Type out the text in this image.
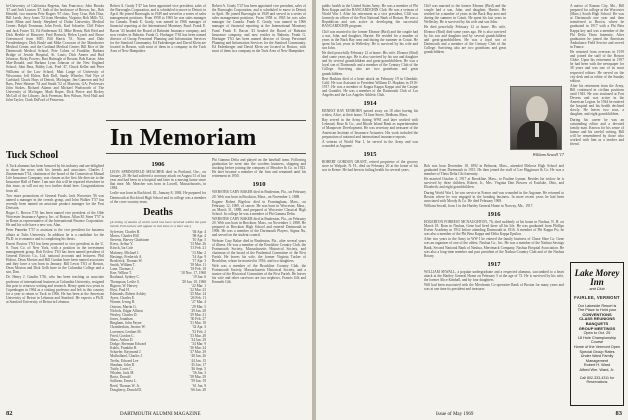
hi-University of California Regents, San Francisco; John Brooks '47 and Josh Lawton '47, both of the bookstore of Brown, Inc., Bob Heindel, two mavens Pete Rogers '67 class, Tony Cruz, Bob Diaz, Bill Leeds, Jerry Jones '52 from Herndon, Virginia; Bob Mills '52, Janet Blinn and Sandy Shepherd of Dolan University Medical Center; Ralph Troutman, John Frech, Karl Schaefer, Cliff Fisher and Jack Foster '43, Ed Faiderman '43, Mike Bemis, Bob Bird and Dick Heeble of Hanover; Fred Bertuch, Helen Lynch and Bruce Greenwood from MIT; Bill Harris '51, Norm and Dale Freudenberger, Dick Boulé and Mike Corcoran of the Manchester Medical Center, and the Cortland Medical Center; Bill Rice of the Dartmouth Medical School, Pete Cohen of Franklin; Barbara Bridge of Jewish Hospital, St. Louis; Dick Ameer and Bud Johnson, Ricky Powers, Bart Hufnagle of Boston; Bob Kaiser, John Mae-Donald, and Barbara Lynn Johnson of the New England School; John Bass, Bobby Lott, Fred '47, Chuck Keller and Peter Williams of the Law School; Matt Lange of University of Wisconsin; Jeff Ehlers, Bob Doll, Sandy Wheeler, Ned Nye of Carlsbad; Chuck Hays of Detroit, Michigan; Jim Cameron and Syl Bass, Peter Skinner '54 and Smith '52 of Marietta, GA; Professors John Stokes, Richard Adams and Michael Wadsworth of The University of Michigan; Mark Roper, Dick Pierce and Rickey McCall of the Library; Jack Freeman, Ben Wilson, Fred Hall and John Taylor; Clark DuFord of Princeton.

Tuck School

A Tuck alumnus has been honored by his industry and are delighted to share the news with his friends and associates. Charles J. Zimmerman T'34, chairman of the board of the Connecticut Mutual Life Insurance Company, was chosen as the first life director to the Insurance Hall of Fame. I am sure this will be reported elsewhere in this issue, as will not my two further detail here. Congratulations from all.

Two more promotions of General Foods. Jack Worcester '56 was named a manager in the cereals group, and John Walker T'57 has recently been named an associate product manager for the Post Division.

Roger C. Brown T'55 has been named vice president of the Olde Worcester Insurance Agency, Inc. of Boston. Allan M. Stern T'57 is in Rome as representative of the International Finance Corporation. He and his wife have a new son, Alan.

Peter Panneku T'57 is assistant to the vice president for business affairs at Tufts University. In addition he is a candidate for the Ph.D. in economics and is completing his thesis.

Ernest Rostow T'63 has been promoted to vice president in the U. S. Trust Co. of New York, with a position in the investment management group. Bob Ertlow T'63 has been named president of General Electric Co., Ltd. national accounts and lecturers. Phil Holton, Dean Morton and Bill Gordon have been named associates and they have a son born in January. Bill Lewis T'63 of Boston, Dean Morton and Dick Gelb have in the Columbia College and a son, Dan.

Dr. Henry J. Gaudin T'56, who has been teaching as associate professor of international business at Columbia University, resigned this post to return to writing and research. Henry spent two years in Copenhagen in 1964 as a visiting professor and left in this country for a year to return to Tuck in 1966. He has been at the American University of Beirut in Lebanon and Stanford. He expects a Ph.D. at Stanford University of Beirut in Lebanon.

Robert A. Grady T'47 has been appointed vice president, sales of the Burroughs Corporation, and is scheduled to move to Detroit in April. He joined Burroughs in 1949 and served in a series of sales management positions. From 1958 to 1965 he was sales manager for Canada. Frank E. Grady, was named in 1966 manager of financial reporting at the International Monetary Fund. Frank E. Bacon '43 headed the Board of Bahraini Insurance company, and now resides in Bahrain. Frank G. Horhager T'63 has been named director of Group Personnel Planning and Information Services for the Stanford Community. Ed Fadenberger and David Klein are located in Boston, with most of them in a company in the Tuck Area of New Hampshire.

Robert A. Grady T'47 has been appointed vice president, sales of the Burroughs Corporation, and is scheduled to move to Detroit in April. He joined Burroughs in 1949 and served in a series of sales management positions. From 1958 to 1965 he was sales manager for Canada. Frank E. Grady, was named in 1966 manager of financial reporting at the International Monetary Fund. Frank E. Bacon '43 headed the Board of Bahraini Insurance company, and now resides in Bahrain. Frank G. Horhager T'63 has been named director of Group Personnel Planning and Information Services for the Stanford Community. Ed Fadenberger and David Klein are located in Boston, with most of them in a company in the Tuck Area of New Hampshire.

In Memoriam
1906

LEON SPRINGFIELD MEACHER died in Portland, Ore., on January 20. He had suffered a coronary attack on August 31 of last year and had been in a hospital and later in a nursing home since that time. Mr. Meacher was born in Lowell, Massachusetts, in 1884.

Leslie was born in Rockford, Ill., January 8, 1884. He prepared for Dartmouth at Rockford High School and in college was a member of the cross-country team.

Deaths
[A listing of deaths of which word has been received within the past month. Full notices will appear in this issue or a later one.]
Sylvester, Charles B.	'04 Apr. 4
Moses, Charles Hill	'08 Apr. 4
Stevens, Harvey Gladstone	'10 Apr. 5
Kress, Arthur Y.	'13 Mar. 26
Kirsch, Ira Cole	'13 Feb. 21
Maloney, Michael J.	'13 Mar. 2
Hastings, Frederick A.	'14 Apr. 9
Broderick, Thomas W.	'17 Apr. 3
Smith, William T.	'18 Mar. 11
Lane, Thomas J.	'18 Feb. 19
Kerr, Wilbur T.	'18 Nov. 17, 1968
Roubaud, Sydney C.	'19 Jan. 6
Thompson, Leslie S.	'20 Jan. 10, 1968
Bignou, W. Harvey	'22 Mar. 1
Hoyt, Paul H.	'22 Mar. 23
Edmonds, Robert Ashley	'25 Mar. 14
Ayers, Charles E.	'26 Feb. 11
Warner, Irving R.	'27 Mar. 4
Ostrom, Martin G.	'29 Mar. 5
Nichols, Edgar Allison	'29 Jan. 28
Wesley, Charles D.	'29 Mar. 21
Jones, Jonathan	'30 Feb. 27
Bingham, John Payne	'31 Mar. 18
Chamberlain, Jerome W.	'32 Apr. 3
Lorenzen, Lenhart M.	'33 Feb. 2
Fried, Gordon C.	'33 Mar. 28
Shaw, Arthur D.	'34 Jan. 29
Dodge, Sherman Edward	'34 Mar. 9
Kuhlo, Franklin R.	'36 Mar. 24
Schaefer, Raymond J.	'37 Mar. 29
Mulholland, Charles J.	'40 Jan. 26
Treihs, Edward Lee	'44 Jan. 15
Sheahan, John D.	'45 Jan. 17
Tuttle, Louis C.	'46 Sept. 5
Whalen, Jack M.	'56 Jan. 3
Bortz, Donald	'58 Mar. 29
Sullivan, Ernest L.	'59 Jan. 19
Reed, Thomas W. Jr.	'61 Jan. 9
Dougherty, Donald D.	'66 Jan. 28

Phi Gamma Delta and played on the baseball team. Following graduation he went into the woolens business, shipping and trucking before joining the company of Meacher & Co. in 1923. He later became a member of the firm and remained until his retirement in 1950.

1910

WEBSTER CARY BAKER died in Bradenton, Fla., on February 20. Web was born in Brockton, Mass., on November 1, 1888.

Eugene Robert Bigelow died in Framingham, Mass., on February 12, 1969, of cancer. He was born in Worcester, Mass., on March 31, 1888, and prepared at Worcester Classical High School. In college he was a member of Phi Gamma Delta.

WEBSTER CARY BAKER died in Bradenton, Fla., on February 20. Web was born in Brockton, Mass., on November 1, 1888. He prepared at Brockton High School and entered Dartmouth in 1906. He was a member of the Dartmouth Players, Sigma Nu, and served on the student council.

Webster Cary Baker died in Bradenton, Fla., after several years of illness. He was a member of the Brookline Country Club, the Portsmouth Society, Massachusetts Historical Society, and chairman of the board of the Prudential Committee of the First Parish. He leaves his wife, the former Virginia Tucker of Brookline, whom he married in 1916; and two daughters.

Web was a member of the Brookline Country Club, the Portsmouth Society, Massachusetts Historical Society, and a trustee of the Historical Committee of the First Parish. He leaves his wife and other survivors are two nephews, Francis Gilt and Kenneth Gilt.

82	DARTMOUTH ALUMNI MAGAZINE

public health in the United States Army. He was a member of Phi Beta Kappa and the BANCARDCHIN Club. He was a veteran of World War I. After his retirement as a vice president, Cliff was formerly an officer of the First National Bank of Boston. He was a Republican and was active in developing the successful BANCARDCHIN program.

Cliff was married to the former Eleanor (Bird) and the couple had a son, John, and daughter, Harriet. He resided for a number of years in the Back Bay area and during the summer in Cotuit. He spent his last years in Wellesley. He is survived by his wife and son John.

He died peacefully February 12 at home. His wife, Eleanor (Bird) died some years ago. He is also survived by his son and daughter and by several grandchildren and great-grandchildren. He was a loyal son of Dartmouth and a member of the Century Club of the College. Surviving also are two grandsons and great grandchildren.

Bert Haskins died of a heart attack on February 19 in Glendale, Calif. He was Assistant to President William D. Hopkins in 1916-1917. He was a member of Kappa Kappa Kappa and the Casque and Gauntlet. He was a member of the Dartmouth Club of Los Angeles and the Los Angeles Athletic Club.

1914

ERNEST RAY EINHORN passed away on 18 after having his widow, Alice, at their home, 74 Jane Street, Dedham, Mass.

Ray served in the Army during WWI and later worked with Lebeaud, Rose & Co., and Rhode Island Bank as superintendent of Manpower Development. He was secretary and treasurer of the American Institute of Insurance Actuaries. His work included the preparation of national and international insurance reports.

A veteran of World War I, he served in the Army and was wounded at Argonne.

1915

ROBERT GORDON GRANT, retired proprietor of the grocery store in Walpole, N. H., died on February 20 at the home of his son in Keene. He had been in failing health for several years.

Cliff was married to the former Eleanor (Bird) and the couple had a son, John, and daughter, Harriet. He resided for a number of years in the Back Bay area and during the summer in Cotuit. He spent his last years in Wellesley. He is survived by his wife and son John.

He died peacefully February 12 at home. His wife, Eleanor (Bird) died some years ago. He is also survived by his son and daughter and by several grandchildren and great-grandchildren. He was a loyal son of Dartmouth and a member of the Century Club of the College. Surviving also are two grandsons and great grandchildren.

William Sewall '17

Bob was born December 18, 1892 in Belmont, Mass., attended Melrose High School and graduated from Dartmouth in 1915. He then joined the staff of Lee Higginson & Co. He was a member of Theta Delta Chi fraternity.

He married October 4, 1917 at Brookline, Mass., to Pauline Lyman. Besides his widow he is survived by three children, Robert, Jr., Mrs. Virginia Dart Bowers of Eastlake, Ohio, and Elizabeth, and eight grandchildren.

During World War I, he saw service in France and was wounded in the Argonne. He returned to Boston where he was engaged in the bonding business. In more recent years he had been associated with Moody & Co. He died February 1969.

William Sewall, born 1 in the Hartley General Home in Norway, Me., 1917.

1916

EDGERTON FORREST MCNAUGHTON, 76, died suddenly at his home in Nashua, N. H. on March 18. Born in Nashua, Gene had lived there all his life. He was graduated from Phillips Exeter Academy in 1912 before attending Dartmouth in 1916. A member of Phi Kappa Psi, he was also a member of the Phi Beta Kappa and Delta Kappa Epsilon.

After two years in the Army in WW I he entered the family business of Chase Shoe Co. Gene was an organizer of one of the oldest, Nashua Co., Inc. He was a member of the Nashua Savings Bank, Second National Bank of Nashua, Merrimack Company, Nashua Hospital Association. He was also a long-time member and past president of the Nashua Country Club and of the Nashua Rotary.

1917

WILLIAM SEWALL, a popular undergraduate and a respected alumnus, succumbed to a heart attack at the Hartley General Home on February 5 at the age of 72. He is survived by his wife, the former Alice Kimball, and by four daughters.

Will had been associated with the Merchants Co-operative Bank of Boston for many years and was at one time its president and treasurer.

A native of Kansas City, Mo., Bill prepared for college at the Worcester (Mass.) South High School. He was at Dartmouth one year and then transferred to Brown, where he graduated in 1917 with a Phi Beta Kappa key and was a member of the Phi Delta Theta fraternity. After graduation he joined the American Ambulance Field Service and served in France.

He returned from overseas in 1919 and joined the staff of the Boston Globe. Upon his retirement in 1957 he had been with the newspaper for 38 years and was one of its most respected editors. He served on the city desk and as editor of the Sunday edition.

After his retirement from the Army, Bill continued in civilian positions until 1943. He was stationed at Fort Devens and was active in the American Legion. In 1944 he entered the hospital and his health declined slowly. He leaves two sons, a daughter, and eight grandchildren.

During his career he was an outstanding editor and a devoted family man. Known for his sense of humor and his careful writing, Bill will be remembered by those who worked with him as a teacher and friend.

Lake Morey Inn
and Club
FAIRLEE, VERMONT
Our Lakeside Resort is
The Place to Hold your
CONVENTIONS
CLASS REUNIONS
BANQUETS
GROUP MEETINGS
Open to Oct. 25
18 Hole Championship
Course
Home of the Vermont Open
Special Group Rates
Under Ward Family Management
Robert H. Ward
Alfred Wm. Ward, Jr.
Call 802-333-4311 for Reservations
Issue of May 1969	83
